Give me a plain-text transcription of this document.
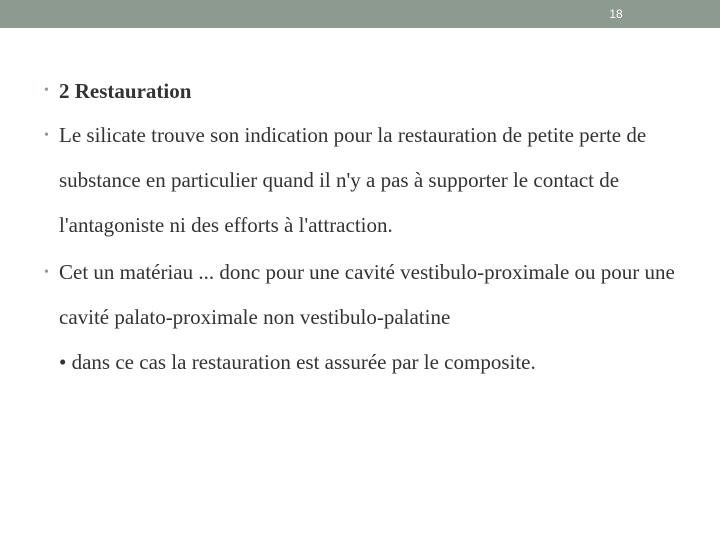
18
• 2 Restauration
• Le silicate trouve son indication pour la restauration de petite perte de substance en particulier quand il n'y a pas à supporter le contact de l'antagoniste ni des efforts à l'attraction.
• Cet un matériau ... donc pour une cavité vestibulo-proximale ou pour une cavité palato-proximale non vestibulo-palatine
• dans ce cas la restauration est assurée par le composite.
